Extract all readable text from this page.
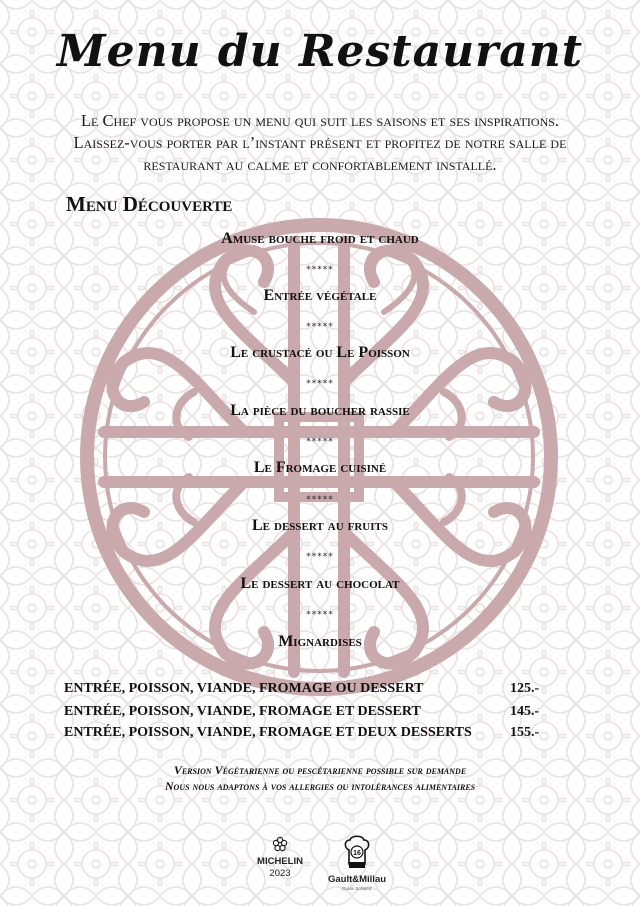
Menu du Restaurant
Le Chef vous propose un menu qui suit les saisons et ses inspirations.
Laissez-vous porter par l’instant présent et profitez de notre salle de
restaurant au calme et confortablement installé.
Menu Découverte
Amuse bouche froid et chaud
*****
Entrée végétale
*****
Le crustacé ou Le Poisson
*****
La pièce du boucher rassie
*****
Le Fromage cuisiné
*****
Le dessert au fruits
*****
Le dessert au chocolat
*****
Mignardises
ENTRÉE, POISSON, VIANDE, FROMAGE OU DESSERT	125.-
ENTRÉE, POISSON, VIANDE, FROMAGE ET DESSERT	145.-
ENTRÉE, POISSON, VIANDE, FROMAGE ET DEUX DESSERTS	155.-
Version Végétarienne ou pescétarienne possible sur demande
Nous nous adaptons à vos allergies ou intolérances alimentaires
MICHELIN
2023
16
Gault&Millau
Guide Schweiz
